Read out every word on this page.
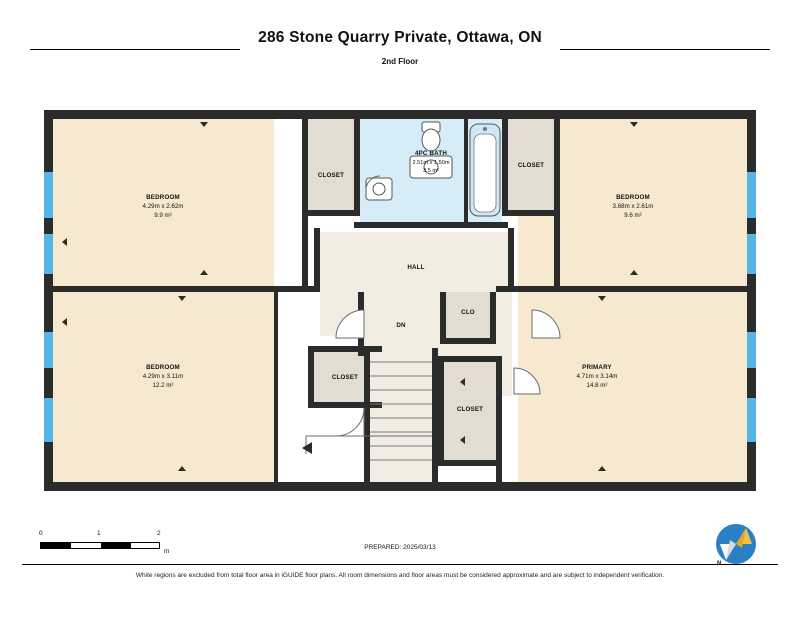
286 Stone Quarry Private, Ottawa, ON
2nd Floor
BEDROOM
4.29m x 2.62m
9.9 m²
BEDROOM
3.68m x 2.61m
9.6 m²
BEDROOM
4.29m x 3.11m
12.2 m²
PRIMARY
4.71m x 3.14m
14.8 m²
4PC BATH
2.51m x 1.50m
3.5 m²
HALL
CLOSET
CLOSET
CLOSET
CLOSET
CLO
DN
0	1	2
m
PREPARED: 2025/03/13
White regions are excluded from total floor area in iGUIDE floor plans. All room dimensions and floor areas must be considered approximate and are subject to independent verification.
